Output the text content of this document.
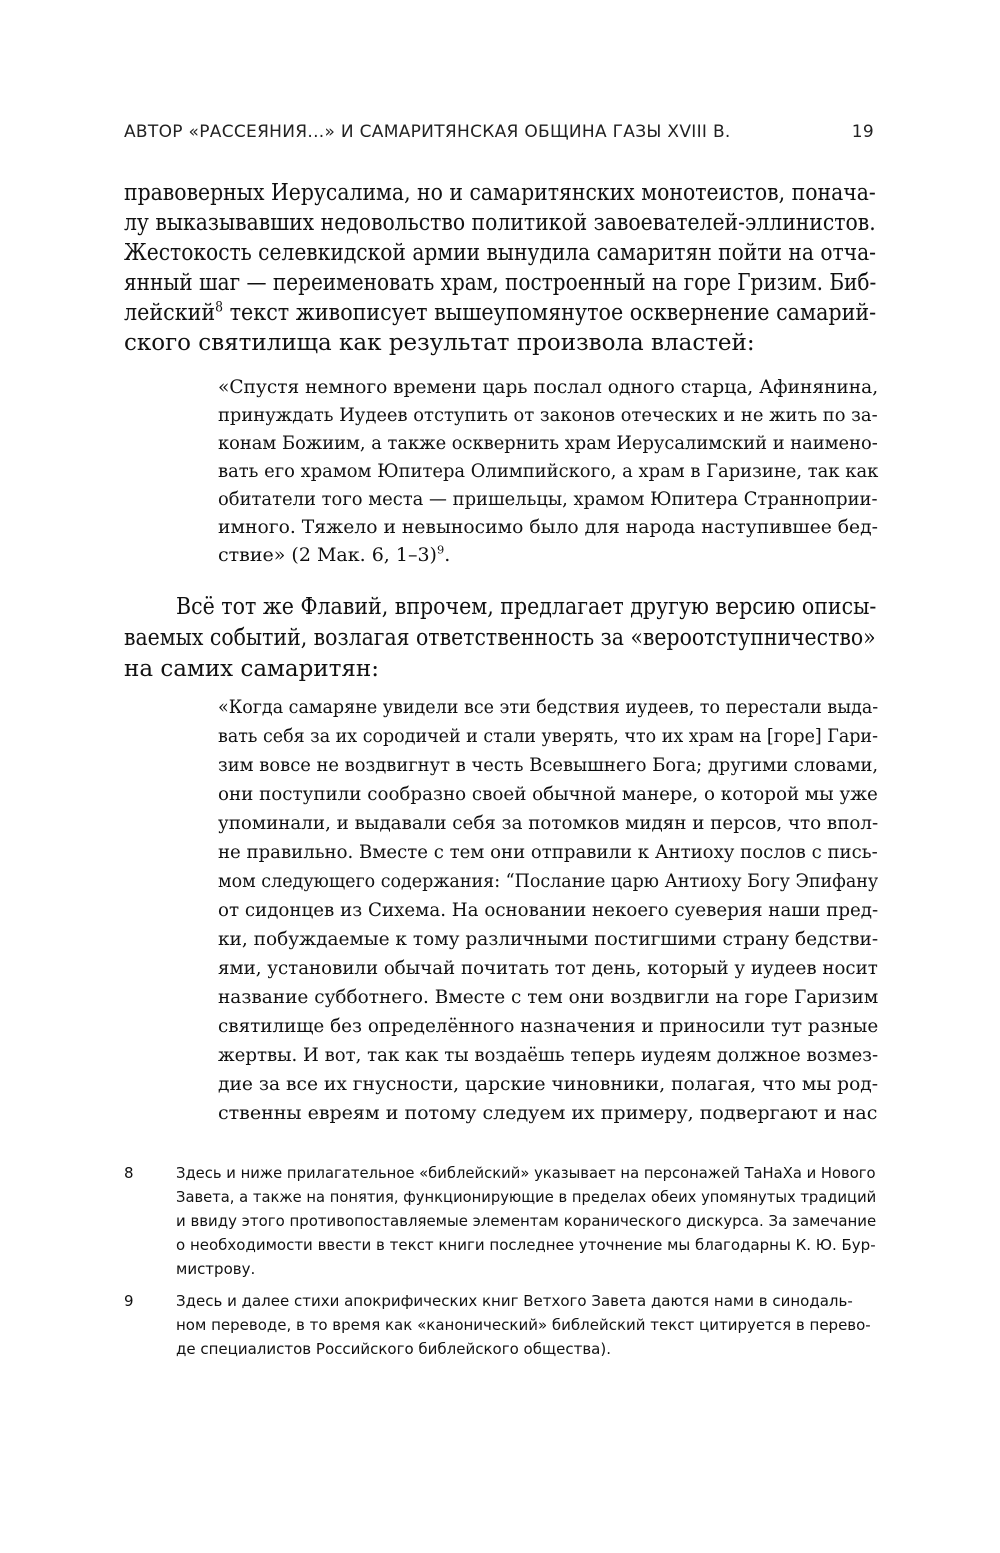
АВТОР «РАССЕЯНИЯ...» И САМАРИТЯНСКАЯ ОБЩИНА ГАЗЫ XVIII В.	19
правоверных Иерусалима, но и самаритянских монотеистов, понача-
лу выказывавших недовольство политикой завоевателей-эллинистов.
Жестокость селевкидской армии вынудила самаритян пойти на отча-
янный шаг — переименовать храм, построенный на горе Гризим. Биб-
лейский$^8$ текст живописует вышеупомянутое осквернение самарий-
ского святилища как результат произвола властей:
«Спустя немного времени царь послал одного старца, Афинянина,
принуждать Иудеев отступить от законов отеческих и не жить по за-
конам Божиим, а также осквернить храм Иерусалимский и наимено-
вать его храмом Юпитера Олимпийского, а храм в Гаризине, так как
обитатели того места — пришельцы, храмом Юпитера Странноприи-
имного. Тяжело и невыносимо было для народа наступившее бед-
ствие» (2 Мак. 6, 1–3)$^9$.
Всё тот же Флавий, впрочем, предлагает другую версию описы-
ваемых событий, возлагая ответственность за «вероотступничество»
на самих самаритян:
«Когда самаряне увидели все эти бедствия иудеев, то перестали выда-
вать себя за их сородичей и стали уверять, что их храм на [горе] Гари-
зим вовсе не воздвигнут в честь Всевышнего Бога; другими словами,
они поступили сообразно своей обычной манере, о которой мы уже
упоминали, и выдавали себя за потомков мидян и персов, что впол-
не правильно. Вместе с тем они отправили к Антиоху послов с пись-
мом следующего содержания: “Послание царю Антиоху Богу Эпифану
от сидонцев из Сихема. На основании некоего суеверия наши пред-
ки, побуждаемые к тому различными постигшими страну бедстви-
ями, установили обычай почитать тот день, который у иудеев носит
название субботнего. Вместе с тем они воздвигли на горе Гаризим
святилище без определённого назначения и приносили тут разные
жертвы. И вот, так как ты воздаёшь теперь иудеям должное возмез-
дие за все их гнусности, царские чиновники, полагая, что мы род-
ственны евреям и потому следуем их примеру, подвергают и нас
8	Здесь и ниже прилагательное «библейский» указывает на персонажей ТаНаХа и Нового
Завета, а также на понятия, функционирующие в пределах обеих упомянутых традиций
и ввиду этого противопоставляемые элементам коранического дискурса. За замечание
о необходимости ввести в текст книги последнее уточнение мы благодарны К. Ю. Бур-
мистрову.
9	Здесь и далее стихи апокрифических книг Ветхого Завета даются нами в синодаль-
ном переводе, в то время как «канонический» библейский текст цитируется в перево-
де специалистов Российского библейского общества).
